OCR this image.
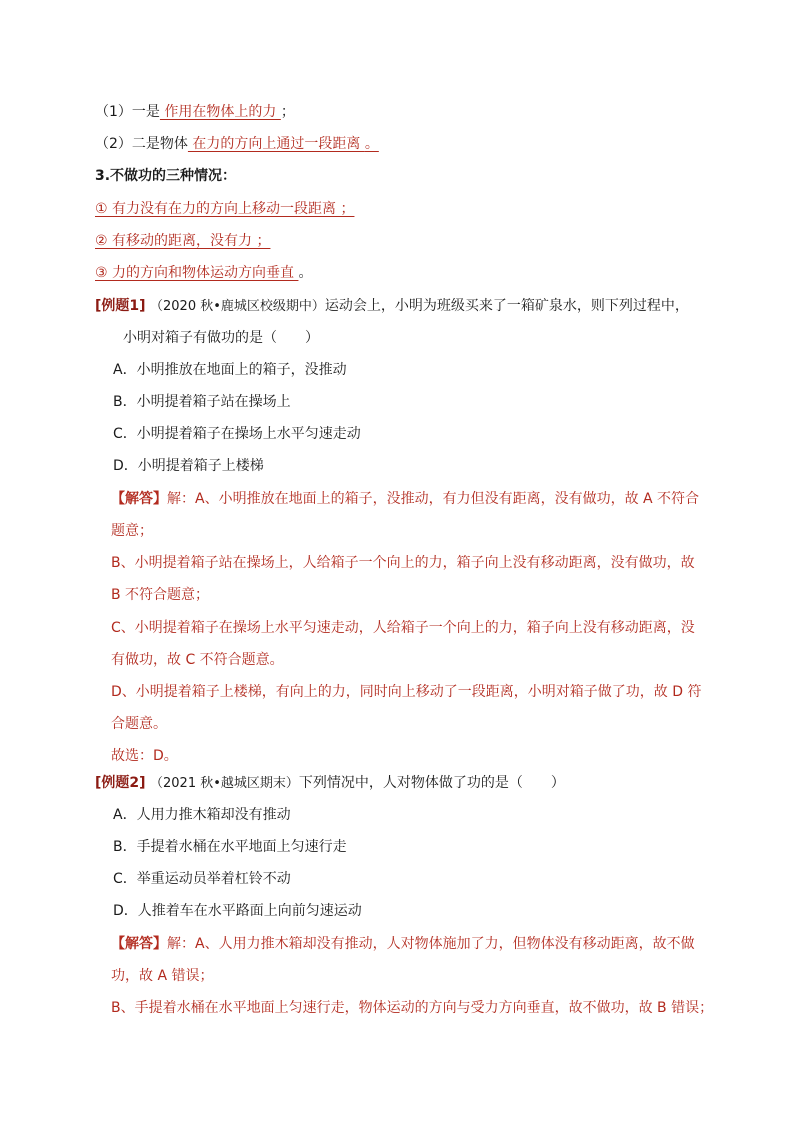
（1）一是 作用在物体上的力 ；
（2）二是物体 在力的方向上通过一段距离 。
3.不做功的三种情况：
① 有力没有在力的方向上移动一段距离 ；
② 有移动的距离，没有力 ；
③ 力的方向和物体运动方向垂直 。
[例题1] （2020 秋•鹿城区校级期中）运动会上，小明为班级买来了一箱矿泉水，则下列过程中，
小明对箱子有做功的是（　　）
A．小明推放在地面上的箱子，没推动
B．小明提着箱子站在操场上
C．小明提着箱子在操场上水平匀速走动
D．小明提着箱子上楼梯
【解答】解：A、小明推放在地面上的箱子，没推动，有力但没有距离，没有做功，故 A 不符合
题意；
B、小明提着箱子站在操场上，人给箱子一个向上的力，箱子向上没有移动距离，没有做功，故
B 不符合题意；
C、小明提着箱子在操场上水平匀速走动，人给箱子一个向上的力，箱子向上没有移动距离，没
有做功，故 C 不符合题意。
D、小明提着箱子上楼梯，有向上的力，同时向上移动了一段距离，小明对箱子做了功，故 D 符
合题意。
故选：D。
[例题2] （2021 秋•越城区期末）下列情况中，人对物体做了功的是（　　）
A．人用力推木箱却没有推动
B．手提着水桶在水平地面上匀速行走
C．举重运动员举着杠铃不动
D．人推着车在水平路面上向前匀速运动
【解答】解：A、人用力推木箱却没有推动，人对物体施加了力，但物体没有移动距离，故不做
功，故 A 错误；
B、手提着水桶在水平地面上匀速行走，物体运动的方向与受力方向垂直，故不做功，故 B 错误；
